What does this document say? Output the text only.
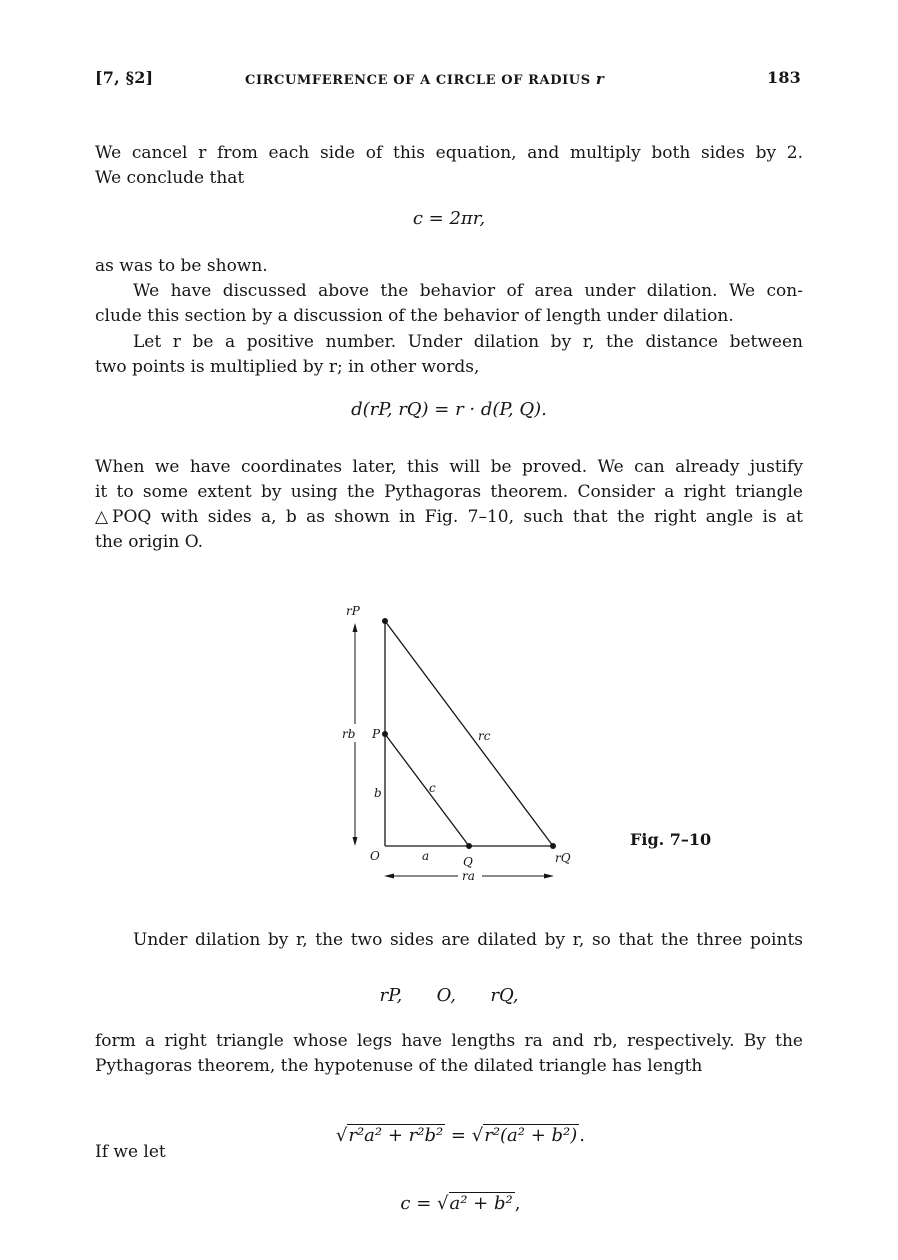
[7, §2]	CIRCUMFERENCE OF A CIRCLE OF RADIUS r	183
We cancel r from each side of this equation, and multiply both sides by 2.
We conclude that
c = 2πr,
as was to be shown.
We have discussed above the behavior of area under dilation. We con-
clude this section by a discussion of the behavior of length under dilation.
Let r be a positive number. Under dilation by r, the distance between
two points is multiplied by r; in other words,
d(rP, rQ) = r · d(P, Q).
When we have coordinates later, this will be proved. We can already justify
it to some extent by using the Pythagoras theorem. Consider a right triangle
△POQ with sides a, b as shown in Fig. 7–10, such that the right angle is at
the origin O.
rP
rb P	rc
c
b
O	a	Q	rQ
ra
Fig. 7–10
Under dilation by r, the two sides are dilated by r, so that the three points
rP,      O,      rQ,
form a right triangle whose legs have lengths ra and rb, respectively. By the
Pythagoras theorem, the hypotenuse of the dilated triangle has length

√r²a² + r²b² = √r²(a² + b²) .

If we let

c = √a² + b² ,
